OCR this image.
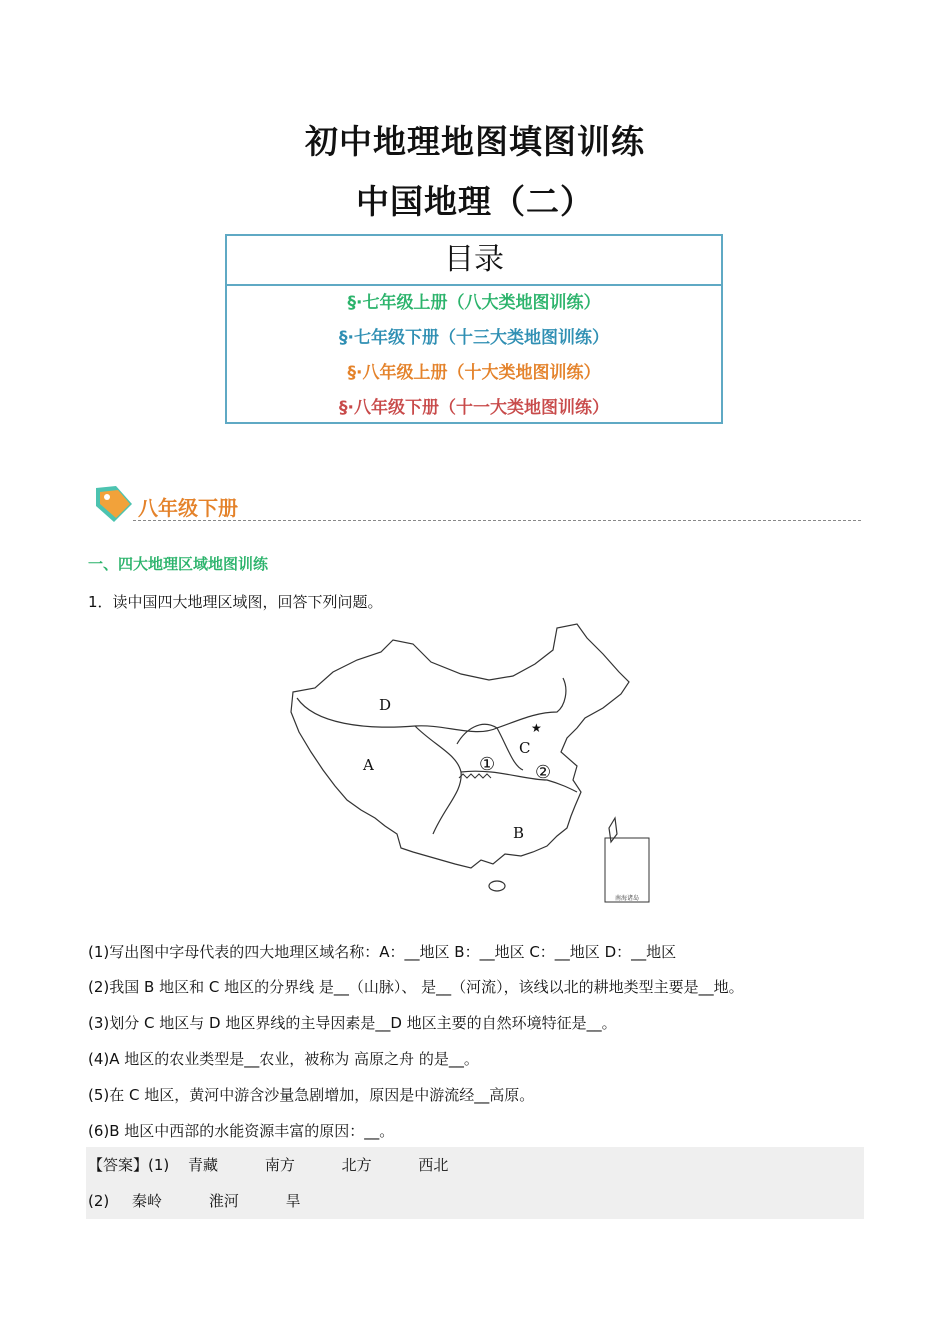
初中地理地图填图训练
中国地理（二）
目录
§·七年级上册（八大类地图训练）
§·七年级下册（十三大类地图训练）
§·八年级上册（十大类地图训练）
§·八年级下册（十一大类地图训练）
八年级下册
一、四大地理区域地图训练
1．读中国四大地理区域图，回答下列问题。
南海诸岛
D
A
C
B
① ②
★
(1)写出图中字母代表的四大地理区域名称：A：__地区 B：__地区 C：__地区 D：__地区
(2)我国 B 地区和 C 地区的分界线 是__（山脉）、 是__（河流），该线以北的耕地类型主要是__地。
(3)划分 C 地区与 D 地区界线的主导因素是__D 地区主要的自然环境特征是__。
(4)A 地区的农业类型是__农业，被称为 高原之舟 的是__。
(5)在 C 地区，黄河中游含沙量急剧增加，原因是中游流经__高原。
(6)B 地区中西部的水能资源丰富的原因：__。
【答案】(1) 青藏	南方	北方	西北
(2) 秦岭	淮河	旱
